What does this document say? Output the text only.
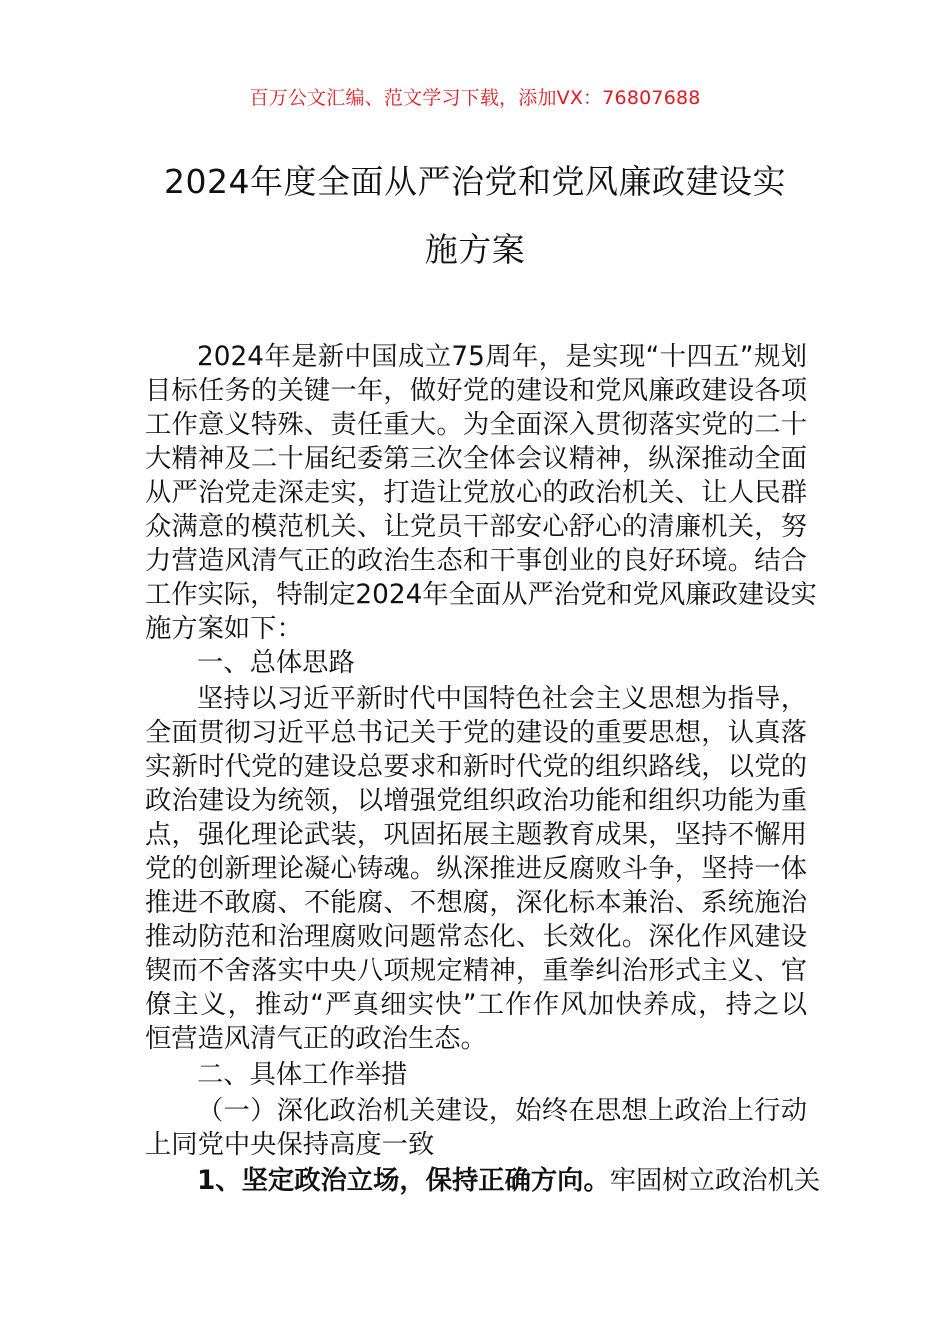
百万公文汇编、范文学习下载，添加VX：76807688
2024年度全面从严治党和党风廉政建设实
施方案
2024年是新中国成立75周年，是实现“十四五”规划
目标任务的关键一年，做好党的建设和党风廉政建设各项
工作意义特殊、责任重大。为全面深入贯彻落实党的二十
大精神及二十届纪委第三次全体会议精神，纵深推动全面
从严治党走深走实，打造让党放心的政治机关、让人民群
众满意的模范机关、让党员干部安心舒心的清廉机关，努
力营造风清气正的政治生态和干事创业的良好环境。结合
工作实际，特制定2024年全面从严治党和党风廉政建设实
施方案如下：
一、总体思路
坚持以习近平新时代中国特色社会主义思想为指导，
全面贯彻习近平总书记关于党的建设的重要思想，认真落
实新时代党的建设总要求和新时代党的组织路线，以党的
政治建设为统领，以增强党组织政治功能和组织功能为重
点，强化理论武装，巩固拓展主题教育成果，坚持不懈用
党的创新理论凝心铸魂。纵深推进反腐败斗争，坚持一体
推进不敢腐、不能腐、不想腐，深化标本兼治、系统施治
推动防范和治理腐败问题常态化、长效化。深化作风建设
锲而不舍落实中央八项规定精神，重拳纠治形式主义、官
僚主义，推动“严真细实快”工作作风加快养成，持之以
恒营造风清气正的政治生态。
二、具体工作举措
（一）深化政治机关建设，始终在思想上政治上行动
上同党中央保持高度一致
1、坚定政治立场，保持正确方向。牢固树立政治机关
